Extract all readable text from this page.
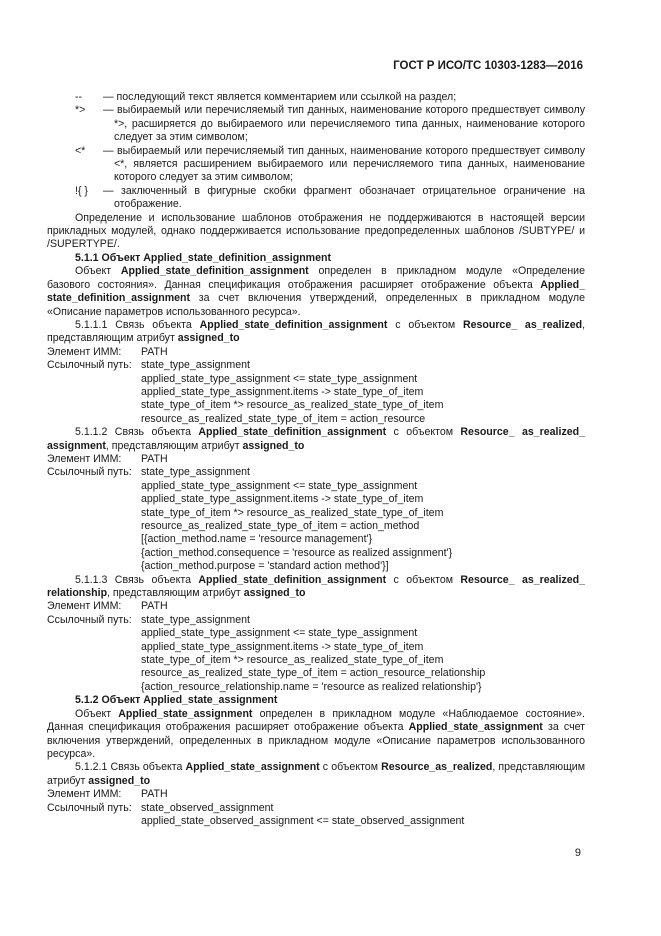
ГОСТ Р ИСО/ТС 10303-1283—2016
--	— последующий текст является комментарием или ссылкой на раздел;
*>	— выбираемый или перечисляемый тип данных, наименование которого предшествует символу *>, расширяется до выбираемого или перечисляемого типа данных, наименование которого следует за этим символом;
<*	— выбираемый или перечисляемый тип данных, наименование которого предшествует символу <*, является расширением выбираемого или перечисляемого типа данных, наименование которого следует за этим символом;
!{ }	— заключенный в фигурные скобки фрагмент обозначает отрицательное ограничение на отображение.

Определение и использование шаблонов отображения не поддерживаются в настоящей версии прикладных модулей, однако поддерживается использование предопределенных шаблонов /SUBTYPE/ и /SUPERTYPE/.

5.1.1 Объект Applied_state_definition_assignment

Объект Applied_state_definition_assignment определен в прикладном модуле «Определение базового состояния». Данная спецификация отображения расширяет отображение объекта Applied_ state_definition_assignment за счет включения утверждений, определенных в прикладном модуле «Описание параметров использованного ресурса».

5.1.1.1 Связь объекта Applied_state_definition_assignment с объектом Resource_ as_realized, представляющим атрибут assigned_to

Элемент ИММ:	PATH
Ссылочный путь: state_type_assignment
applied_state_type_assignment <= state_type_assignment
applied_state_type_assignment.items -> state_type_of_item
state_type_of_item *> resource_as_realized_state_type_of_item
resource_as_realized_state_type_of_item = action_resource

5.1.1.2 Связь объекта Applied_state_definition_assignment с объектом Resource_ as_realized_ assignment, представляющим атрибут assigned_to

Элемент ИММ:	PATH
Ссылочный путь: state_type_assignment
applied_state_type_assignment <= state_type_assignment
applied_state_type_assignment.items -> state_type_of_item
state_type_of_item *> resource_as_realized_state_type_of_item
resource_as_realized_state_type_of_item = action_method
[{action_method.name = 'resource management'}
{action_method.consequence = 'resource as realized assignment'}
{action_method.purpose = 'standard action method'}]

5.1.1.3 Связь объекта Applied_state_definition_assignment с объектом Resource_ as_realized_ relationship, представляющим атрибут assigned_to

Элемент ИММ:	PATH
Ссылочный путь: state_type_assignment
applied_state_type_assignment <= state_type_assignment
applied_state_type_assignment.items -> state_type_of_item
state_type_of_item *> resource_as_realized_state_type_of_item
resource_as_realized_state_type_of_item = action_resource_relationship
{action_resource_relationship.name = 'resource as realized relationship'}

5.1.2 Объект Applied_state_assignment

Объект Applied_state_assignment определен в прикладном модуле «Наблюдаемое состояние». Данная спецификация отображения расширяет отображение объекта Applied_state_assignment за счет включения утверждений, определенных в прикладном модуле «Описание параметров использованного ресурса».

5.1.2.1 Связь объекта Applied_state_assignment с объектом Resource_as_realized, представляющим атрибут assigned_to

Элемент ИММ:	PATH
Ссылочный путь: state_observed_assignment
applied_state_observed_assignment <= state_observed_assignment
9
